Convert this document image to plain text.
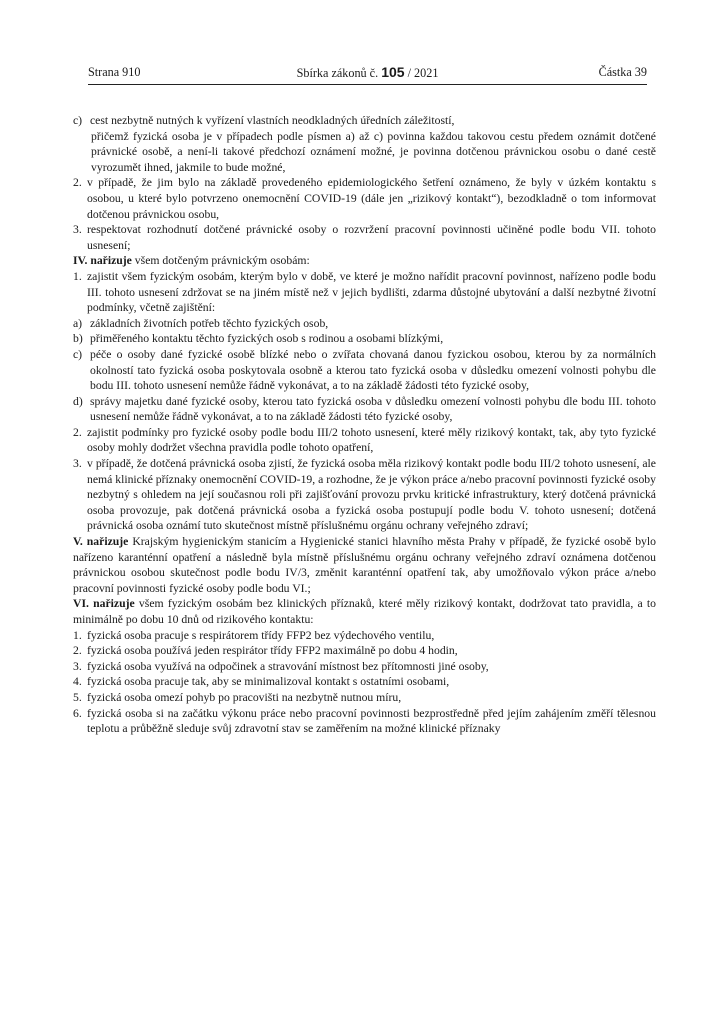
Strana 910	Sbírka zákonů č. 105 / 2021	Částka 39

c) cest nezbytně nutných k vyřízení vlastních neodkladných úředních záležitostí,

přičemž fyzická osoba je v případech podle písmen a) až c) povinna každou takovou cestu předem oznámit dotčené právnické osobě, a není-li takové předchozí oznámení možné, je povinna dotčenou právnickou osobu o dané cestě vyrozumět ihned, jakmile to bude možné,

2. v případě, že jim bylo na základě provedeného epidemiologického šetření oznámeno, že byly v úzkém kontaktu s osobou, u které bylo potvrzeno onemocnění COVID-19 (dále jen „rizikový kontakt“), bezodkladně o tom informovat dotčenou právnickou osobu,

3. respektovat rozhodnutí dotčené právnické osoby o rozvržení pracovní povinnosti učiněné podle bodu VII. tohoto usnesení;

IV. nařizuje všem dotčeným právnickým osobám:

1. zajistit všem fyzickým osobám, kterým bylo v době, ve které je možno nařídit pracovní povinnost, nařízeno podle bodu III. tohoto usnesení zdržovat se na jiném místě než v jejich bydlišti, zdarma důstojné ubytování a další nezbytné životní podmínky, včetně zajištění:

a) základních životních potřeb těchto fyzických osob,

b) přiměřeného kontaktu těchto fyzických osob s rodinou a osobami blízkými,

c) péče o osoby dané fyzické osobě blízké nebo o zvířata chovaná danou fyzickou osobou, kterou by za normálních okolností tato fyzická osoba poskytovala osobně a kterou tato fyzická osoba v důsledku omezení volnosti pohybu dle bodu III. tohoto usnesení nemůže řádně vykonávat, a to na základě žádosti této fyzické osoby,

d) správy majetku dané fyzické osoby, kterou tato fyzická osoba v důsledku omezení volnosti pohybu dle bodu III. tohoto usnesení nemůže řádně vykonávat, a to na základě žádosti této fyzické osoby,

2. zajistit podmínky pro fyzické osoby podle bodu III/2 tohoto usnesení, které měly rizikový kontakt, tak, aby tyto fyzické osoby mohly dodržet všechna pravidla podle tohoto opatření,

3. v případě, že dotčená právnická osoba zjistí, že fyzická osoba měla rizikový kontakt podle bodu III/2 tohoto usnesení, ale nemá klinické příznaky onemocnění COVID-19, a rozhodne, že je výkon práce a/nebo pracovní povinnosti fyzické osoby nezbytný s ohledem na její současnou roli při zajišťování provozu prvku kritické infrastruktury, který dotčená právnická osoba provozuje, pak dotčená právnická osoba a fyzická osoba postupují podle bodu V. tohoto usnesení; dotčená právnická osoba oznámí tuto skutečnost místně příslušnému orgánu ochrany veřejného zdraví;

V. nařizuje Krajským hygienickým stanicím a Hygienické stanici hlavního města Prahy v případě, že fyzické osobě bylo nařízeno karanténní opatření a následně byla místně příslušnému orgánu ochrany veřejného zdraví oznámena dotčenou právnickou osobou skutečnost podle bodu IV/3, změnit karanténní opatření tak, aby umožňovalo výkon práce a/nebo pracovní povinnosti fyzické osoby podle bodu VI.;

VI. nařizuje všem fyzickým osobám bez klinických příznaků, které měly rizikový kontakt, dodržovat tato pravidla, a to minimálně po dobu 10 dnů od rizikového kontaktu:

1. fyzická osoba pracuje s respirátorem třídy FFP2 bez výdechového ventilu,

2. fyzická osoba používá jeden respirátor třídy FFP2 maximálně po dobu 4 hodin,

3. fyzická osoba využívá na odpočinek a stravování místnost bez přítomnosti jiné osoby,

4. fyzická osoba pracuje tak, aby se minimalizoval kontakt s ostatními osobami,

5. fyzická osoba omezí pohyb po pracovišti na nezbytně nutnou míru,

6. fyzická osoba si na začátku výkonu práce nebo pracovní povinnosti bezprostředně před jejím zahájením změří tělesnou teplotu a průběžně sleduje svůj zdravotní stav se zaměřením na možné klinické příznaky
